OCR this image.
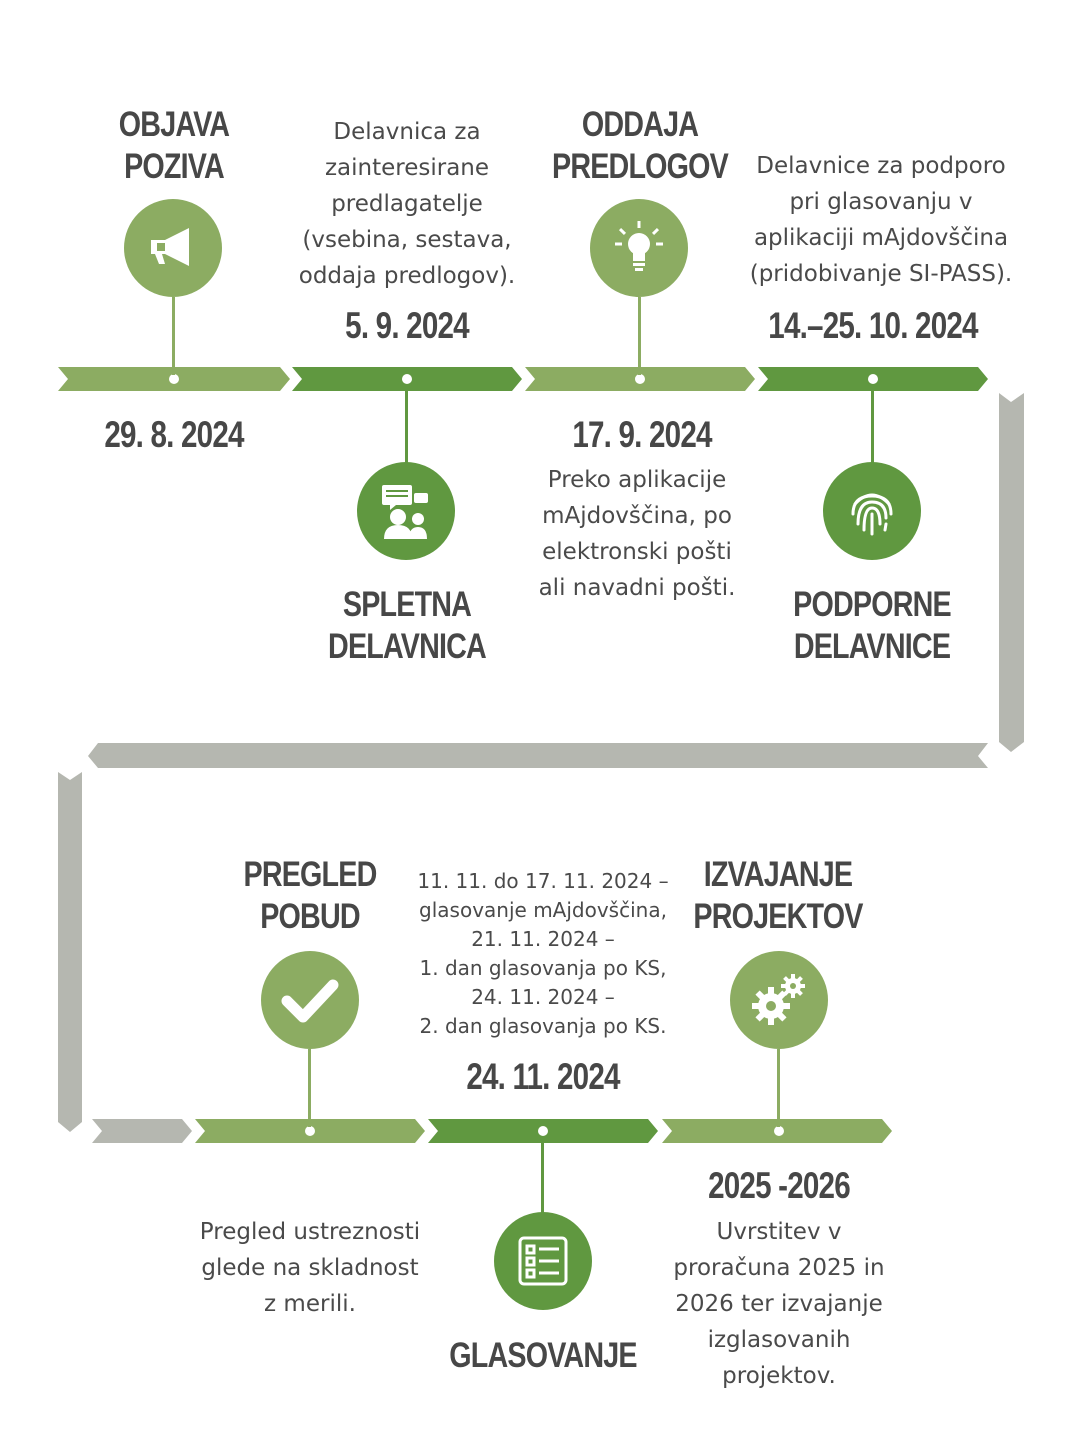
OBJAVA
POZIVA
29. 8. 2024
Delavnica za
zainteresirane
predlagatelje
(vsebina, sestava,
oddaja predlogov).
5. 9. 2024
SPLETNA
DELAVNICA
ODDAJA
PREDLOGOV
17. 9. 2024
Preko aplikacije
mAjdovščina, po
elektronski pošti
ali navadni pošti.
Delavnice za podporo
pri glasovanju v
aplikaciji mAjdovščina
(pridobivanje SI-PASS).
14.–25. 10. 2024
PODPORNE
DELAVNICE
PREGLED
POBUD
Pregled ustreznosti
glede na skladnost
z merili.
11. 11. do 17. 11. 2024 –
glasovanje mAjdovščina,
21. 11. 2024 –
1. dan glasovanja po KS,
24. 11. 2024 –
2. dan glasovanja po KS.
24. 11. 2024
GLASOVANJE
IZVAJANJE
PROJEKTOV
2025 -2026
Uvrstitev v
proračuna 2025 in
2026 ter izvajanje
izglasovanih
projektov.
